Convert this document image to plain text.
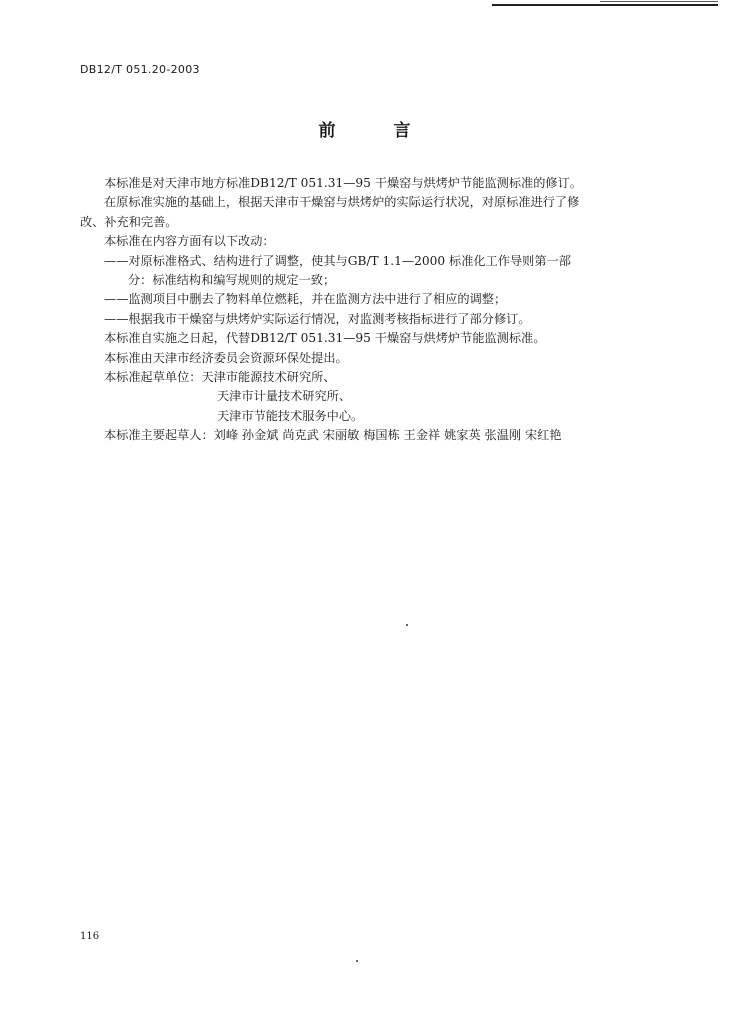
DB12/T 051.20-2003
前 言
本标准是对天津市地方标准DB12/T 051.31—95 干燥窑与烘烤炉节能监测标准的修订。
在原标准实施的基础上，根据天津市干燥窑与烘烤炉的实际运行状况，对原标准进行了修
改、补充和完善。
本标准在内容方面有以下改动：
——对原标准格式、结构进行了调整，使其与GB/T 1.1—2000 标准化工作导则第一部
分：标准结构和编写规则的规定一致；
——监测项目中删去了物料单位燃耗，并在监测方法中进行了相应的调整；
——根据我市干燥窑与烘烤炉实际运行情况，对监测考核指标进行了部分修订。
本标准自实施之日起，代替DB12/T 051.31—95 干燥窑与烘烤炉节能监测标准。
本标准由天津市经济委员会资源环保处提出。
本标准起草单位：天津市能源技术研究所、
天津市计量技术研究所、
天津市节能技术服务中心。
本标准主要起草人：刘峰 孙金斌 尚克武 宋丽敏 梅国栋 王金祥 姚家英 张温刚 宋红艳
116
